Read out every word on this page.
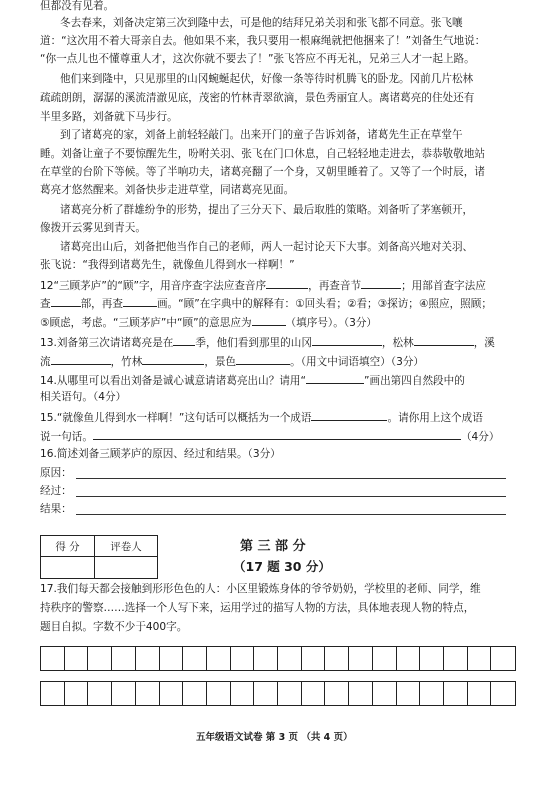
但都没有见着。
冬去春来，刘备决定第三次到隆中去，可是他的结拜兄弟关羽和张飞都不同意。张飞嚷
道：“这次用不着大哥亲自去。他如果不来，我只要用一根麻绳就把他捆来了！”刘备生气地说：
“你一点儿也不懂尊重人才，这次你就不要去了！”张飞答应不再无礼，兄弟三人才一起上路。
他们来到隆中，只见那里的山冈蜿蜒起伏，好像一条等待时机腾飞的卧龙。冈前几片松林
疏疏朗朗，潺潺的溪流清澈见底，茂密的竹林青翠欲滴，景色秀丽宜人。离诸葛亮的住处还有
半里多路，刘备就下马步行。
到了诸葛亮的家，刘备上前轻轻敲门。出来开门的童子告诉刘备，诸葛先生正在草堂午
睡。刘备让童子不要惊醒先生，吩咐关羽、张飞在门口休息，自己轻轻地走进去，恭恭敬敬地站
在草堂的台阶下等候。等了半响功夫，诸葛亮翻了一个身，又朝里睡着了。又等了一个时辰，诸
葛亮才悠然醒来。刘备快步走进草堂，同诸葛亮见面。
诸葛亮分析了群雄纷争的形势，提出了三分天下、最后取胜的策略。刘备听了茅塞顿开，
像拨开云雾见到青天。
诸葛亮出山后，刘备把他当作自己的老师，两人一起讨论天下大事。刘备高兴地对关羽、
张飞说：“我得到诸葛先生，就像鱼儿得到水一样啊！”
12“三顾茅庐”的“顾”字，用音序查字法应查音序	，再查音节	；用部首查字法应
查	部，再查	画。“顾”在字典中的解释有：①回头看；②看；③探访；④照应，照顾；
⑤顾虑，考虑。“三顾茅庐”中“顾”的意思应为	（填序号）。（3分）
13.刘备第三次请诸葛亮是在 季，他们看到那里的山冈	，松林	，溪
流	，竹林	，景色	。（用文中词语填空）（3分）
14.从哪里可以看出刘备是诚心诚意请诸葛亮出山？请用“	”画出第四自然段中的
相关语句。（4分）
15.“就像鱼儿得到水一样啊！”这句话可以概括为一个成语	。请你用上这个成语
说一句话。	（4分）
16.简述刘备三顾茅庐的原因、经过和结果。（3分）
原因：
经过：
结果：
得 分	评卷人
		第 三 部 分
（17 题 30 分）
17.我们每天都会接触到形形色色的人：小区里锻炼身体的爷爷奶奶，学校里的老师、同学，维
持秩序的警察……选择一个人写下来，运用学过的描写人物的方法，具体地表现人物的特点，
题目自拟。字数不少于400字。
五年级语文试卷 第 3 页 （共 4 页）
